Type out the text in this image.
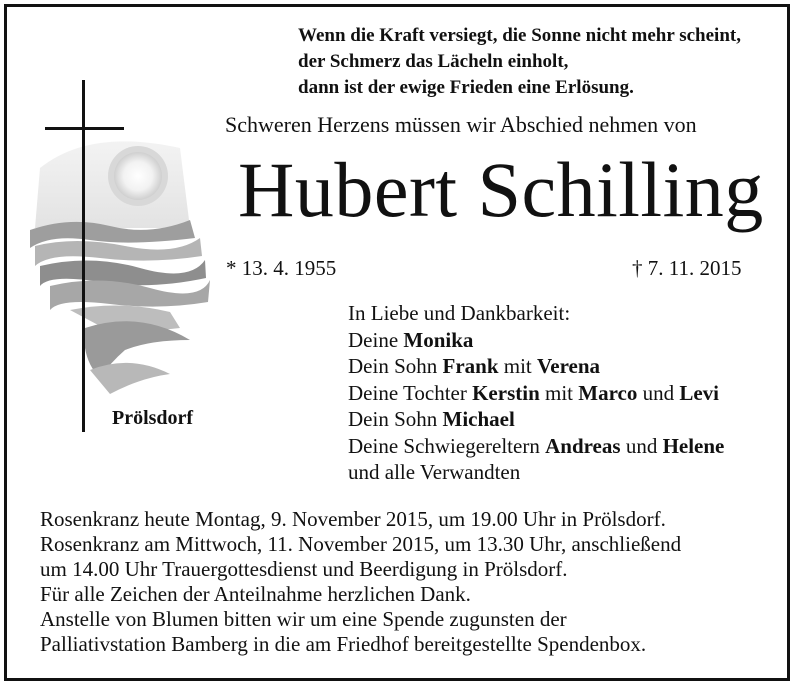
Wenn die Kraft versiegt, die Sonne nicht mehr scheint,
der Schmerz das Lächeln einholt,
dann ist der ewige Frieden eine Erlösung.
Schweren Herzens müssen wir Abschied nehmen von
Hubert Schilling
* 13. 4. 1955	† 7. 11. 2015
Prölsdorf
In Liebe und Dankbarkeit:
Deine Monika
Dein Sohn Frank mit Verena
Deine Tochter Kerstin mit Marco und Levi
Dein Sohn Michael
Deine Schwiegereltern Andreas und Helene
und alle Verwandten
Rosenkranz heute Montag, 9. November 2015, um 19.00 Uhr in Prölsdorf.
Rosenkranz am Mittwoch, 11. November 2015, um 13.30 Uhr, anschließend
um 14.00 Uhr Trauergottesdienst und Beerdigung in Prölsdorf.
Für alle Zeichen der Anteilnahme herzlichen Dank.
Anstelle von Blumen bitten wir um eine Spende zugunsten der
Palliativstation Bamberg in die am Friedhof bereitgestellte Spendenbox.
